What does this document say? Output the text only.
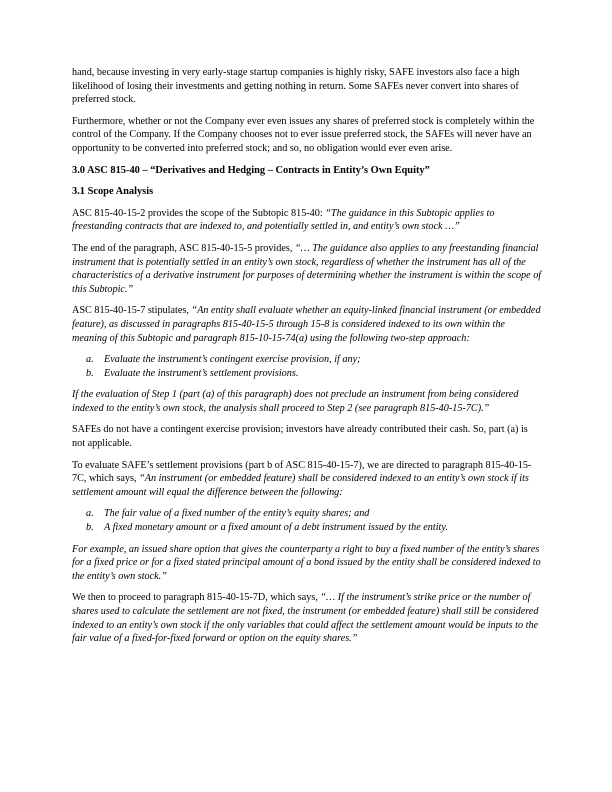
hand, because investing in very early-stage startup companies is highly risky, SAFE investors also face a high likelihood of losing their investments and getting nothing in return. Some SAFEs never convert into shares of preferred stock.

Furthermore, whether or not the Company ever even issues any shares of preferred stock is completely within the control of the Company. If the Company chooses not to ever issue preferred stock, the SAFEs will never have an opportunity to be converted into preferred stock; and so, no obligation would ever even arise.

3.0 ASC 815-40 – “Derivatives and Hedging – Contracts in Entity’s Own Equity”
3.1 Scope Analysis

ASC 815-40-15-2 provides the scope of the Subtopic 815-40: “The guidance in this Subtopic applies to freestanding contracts that are indexed to, and potentially settled in, and entity’s own stock …”

The end of the paragraph, ASC 815-40-15-5 provides, “… The guidance also applies to any freestanding financial instrument that is potentially settled in an entity’s own stock, regardless of whether the instrument has all of the characteristics of a derivative instrument for purposes of determining whether the instrument is within the scope of this Subtopic.”

ASC 815-40-15-7 stipulates, “An entity shall evaluate whether an equity-linked financial instrument (or embedded feature), as discussed in paragraphs 815-40-15-5 through 15-8 is considered indexed to its own within the meaning of this Subtopic and paragraph 815-10-15-74(a) using the following two-step approach:

a.	Evaluate the instrument’s contingent exercise provision, if any;
b.	Evaluate the instrument’s settlement provisions.

If the evaluation of Step 1 (part (a) of this paragraph) does not preclude an instrument from being considered indexed to the entity’s own stock, the analysis shall proceed to Step 2 (see paragraph 815-40-15-7C).”

SAFEs do not have a contingent exercise provision; investors have already contributed their cash. So, part (a) is not applicable.

To evaluate SAFE’s settlement provisions (part b of ASC 815-40-15-7), we are directed to paragraph 815-40-15-7C, which says, “An instrument (or embedded feature) shall be considered indexed to an entity’s own stock if its settlement amount will equal the difference between the following:

a.	The fair value of a fixed number of the entity’s equity shares; and
b.	A fixed monetary amount or a fixed amount of a debt instrument issued by the entity.

For example, an issued share option that gives the counterparty a right to buy a fixed number of the entity’s shares for a fixed price or for a fixed stated principal amount of a bond issued by the entity shall be considered indexed to the entity’s own stock.”

We then to proceed to paragraph 815-40-15-7D, which says, “… If the instrument’s strike price or the number of shares used to calculate the settlement are not fixed, the instrument (or embedded feature) shall still be considered indexed to an entity’s own stock if the only variables that could affect the settlement amount would be inputs to the fair value of a fixed-for-fixed forward or option on the equity shares.”
